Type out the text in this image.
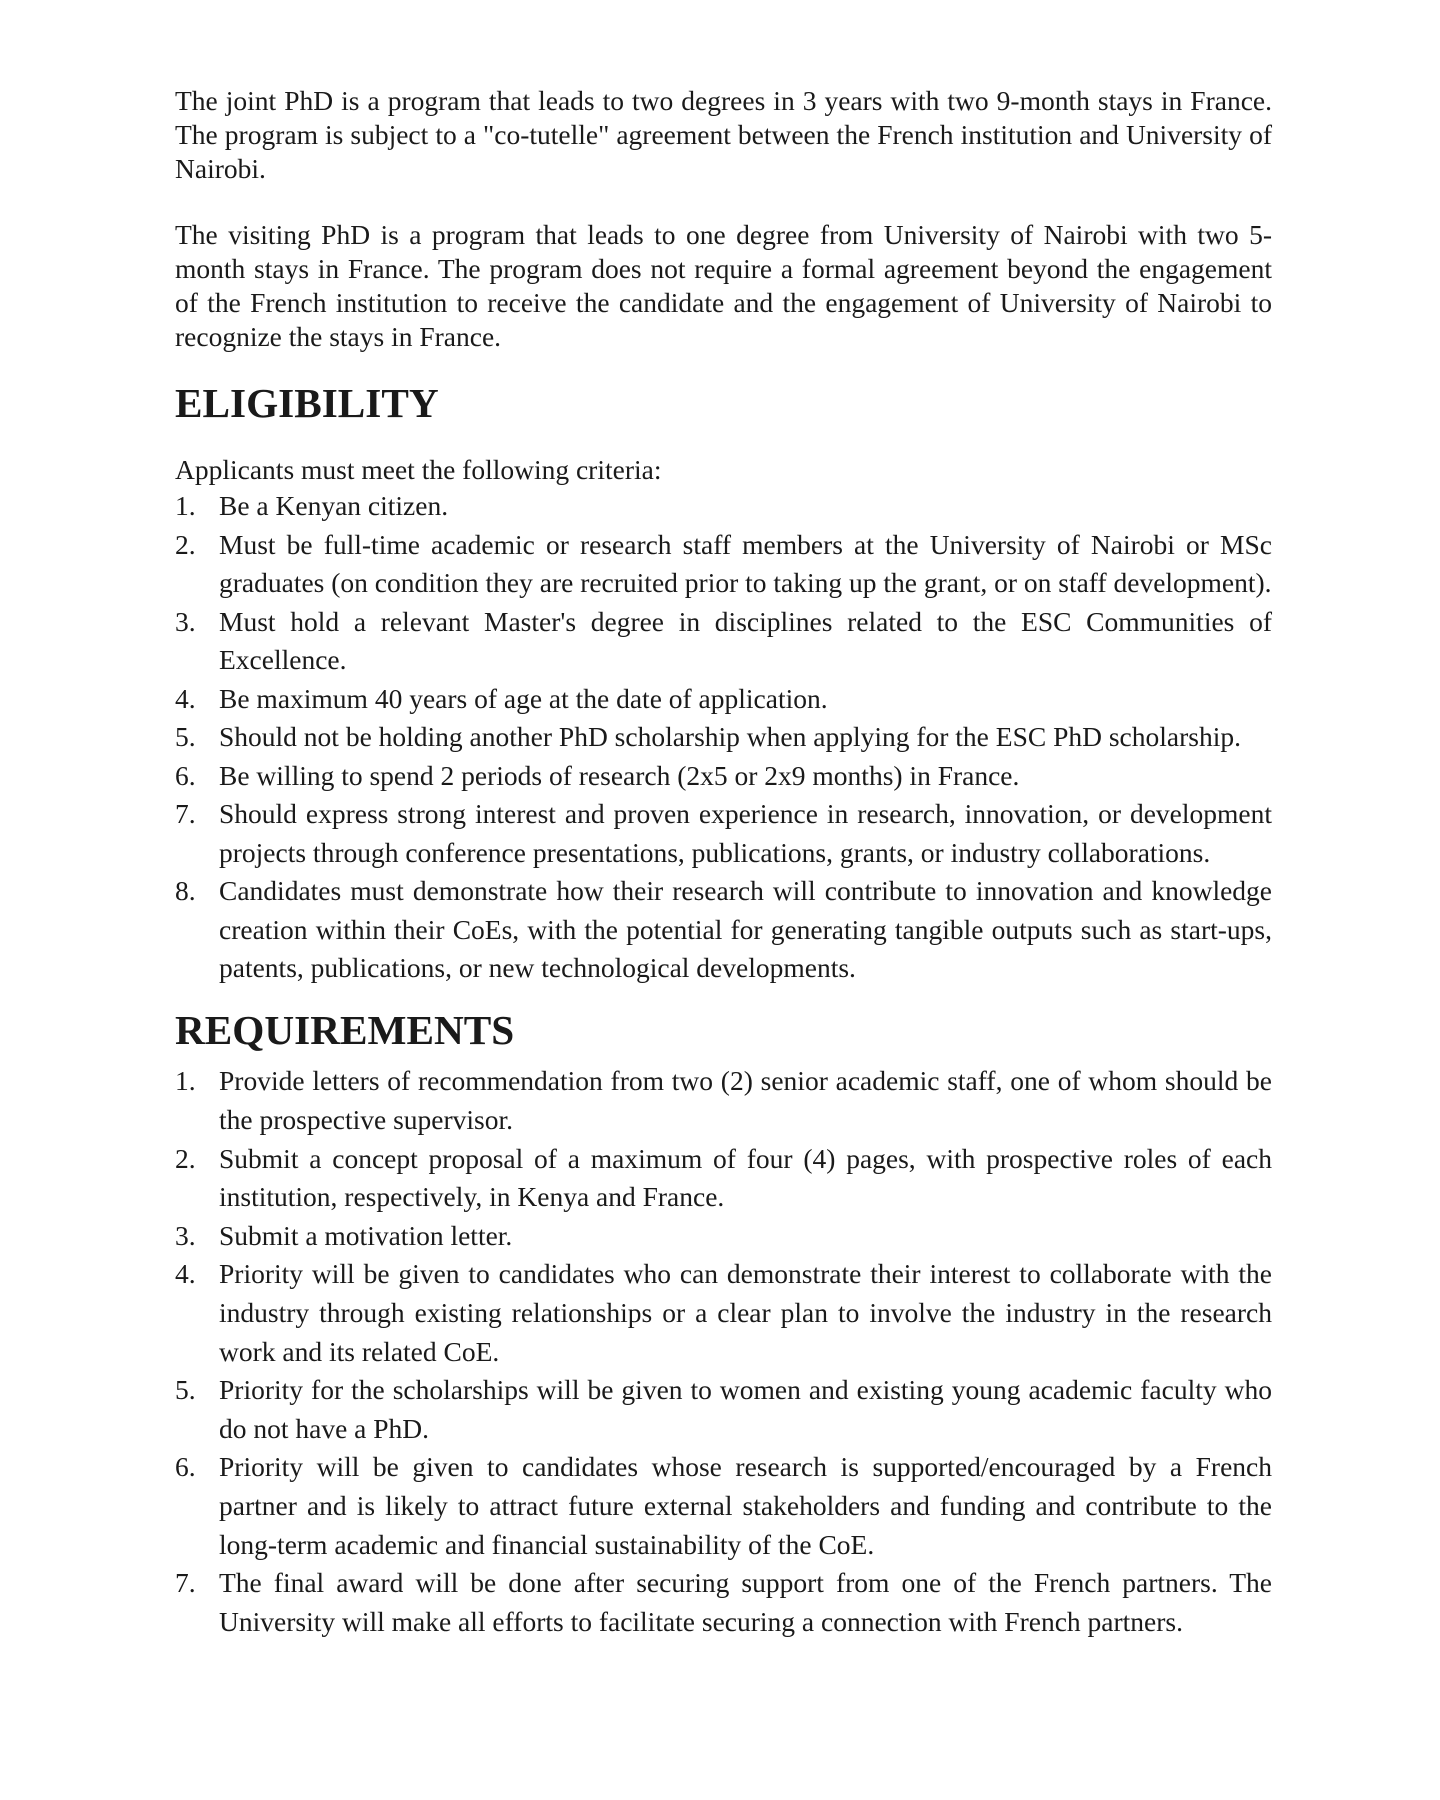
The joint PhD is a program that leads to two degrees in 3 years with two 9-month stays in France. The program is subject to a "co-tutelle" agreement between the French institution and University of Nairobi.

The visiting PhD is a program that leads to one degree from University of Nairobi with two 5-month stays in France. The program does not require a formal agreement beyond the engagement of the French institution to receive the candidate and the engagement of University of Nairobi to recognize the stays in France.

ELIGIBILITY

Applicants must meet the following criteria:

1. Be a Kenyan citizen.
2. Must be full-time academic or research staff members at the University of Nairobi or MSc graduates (on condition they are recruited prior to taking up the grant, or on staff development).
3. Must hold a relevant Master's degree in disciplines related to the ESC Communities of Excellence.
4. Be maximum 40 years of age at the date of application.
5. Should not be holding another PhD scholarship when applying for the ESC PhD scholarship.
6. Be willing to spend 2 periods of research (2x5 or 2x9 months) in France.
7. Should express strong interest and proven experience in research, innovation, or development projects through conference presentations, publications, grants, or industry collaborations.
8. Candidates must demonstrate how their research will contribute to innovation and knowledge creation within their CoEs, with the potential for generating tangible outputs such as start-ups, patents, publications, or new technological developments.
REQUIREMENTS
1. Provide letters of recommendation from two (2) senior academic staff, one of whom should be the prospective supervisor.
2. Submit a concept proposal of a maximum of four (4) pages, with prospective roles of each institution, respectively, in Kenya and France.
3. Submit a motivation letter.
4. Priority will be given to candidates who can demonstrate their interest to collaborate with the industry through existing relationships or a clear plan to involve the industry in the research work and its related CoE.
5. Priority for the scholarships will be given to women and existing young academic faculty who do not have a PhD.
6. Priority will be given to candidates whose research is supported/encouraged by a French partner and is likely to attract future external stakeholders and funding and contribute to the long-term academic and financial sustainability of the CoE.
7. The final award will be done after securing support from one of the French partners. The University will make all efforts to facilitate securing a connection with French partners.
